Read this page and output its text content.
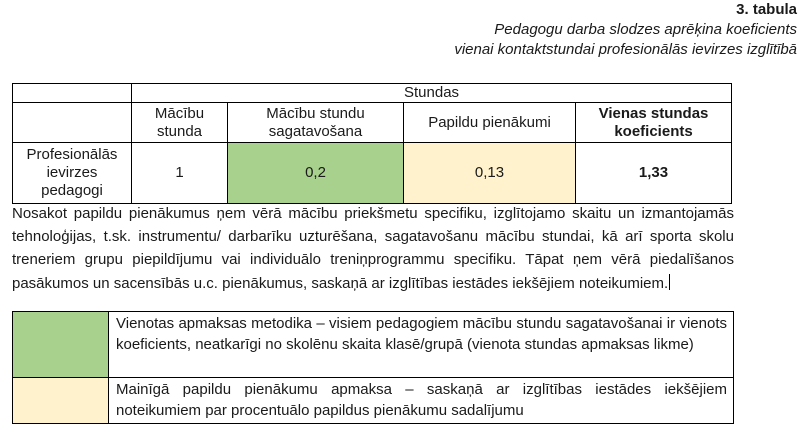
3. tabula
Pedagogu darba slodzes aprēķina koeficients
vienai kontaktstundai profesionālās ievirzes izglītībā
	Stundas			
	Mācību stunda	Mācību stundu sagatavošana	Papildu pienākumi	Vienas stundas koeficients
Profesionālās ievirzes pedagogi	1	0,2	0,13	1,33
Nosakot papildu pienākumus ņem vērā mācību priekšmetu specifiku, izglītojamo skaitu un izmantojamās tehnoloģijas, t.sk. instrumentu/ darbarīku uzturēšana, sagatavošanu mācību stundai, kā arī sporta skolu treneriem grupu piepildījumu vai individuālo treniņprogrammu specifiku. Tāpat ņem vērā piedalīšanos pasākumos un sacensībās u.c. pienākumus, saskaņā ar izglītības iestādes iekšējiem noteikumiem.
	Vienotas apmaksas metodika – visiem pedagogiem mācību stundu sagatavošanai ir vienots koeficients, neatkarīgi no skolēnu skaita klasē/grupā (vienota stundas apmaksas likme)
	Mainīgā papildu pienākumu apmaksa – saskaņā ar izglītības iestādes iekšējiem noteikumiem par procentuālo papildus pienākumu sadalījumu
